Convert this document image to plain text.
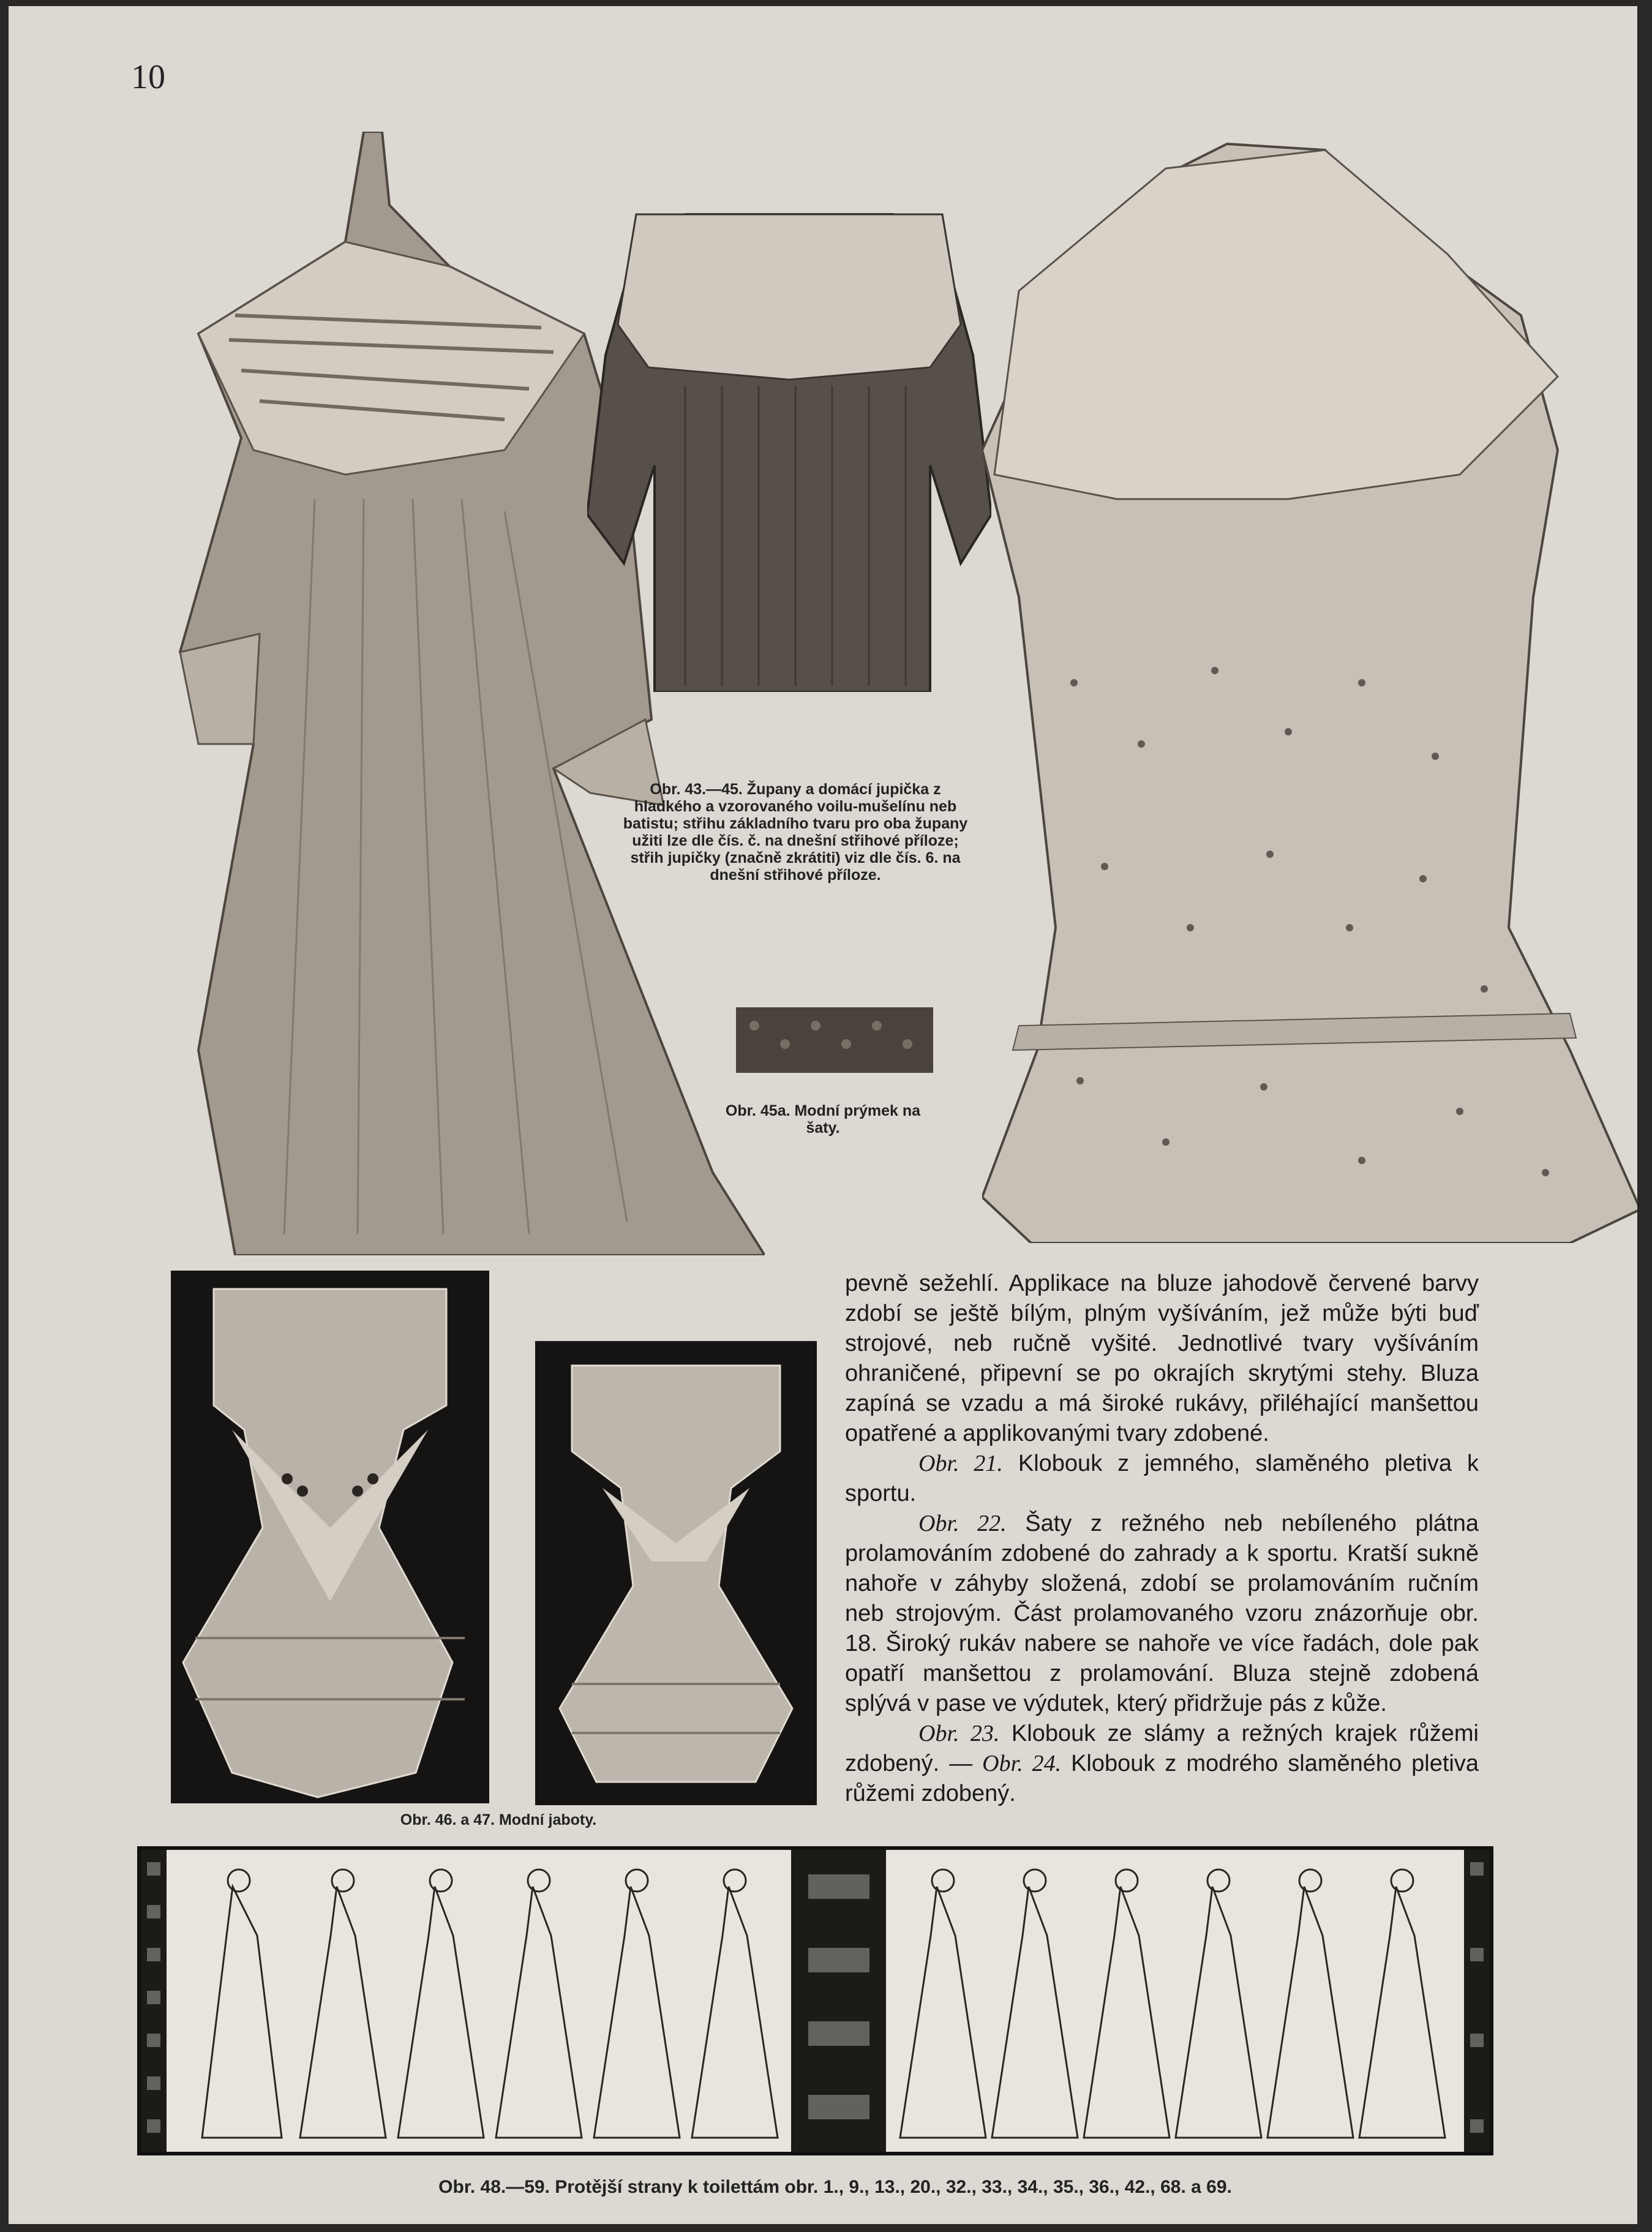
10
Obr. 43.—45. Župany a domácí jupička z hladkého a vzorovaného voilu-mušelínu neb batistu; střihu základního tvaru pro oba župany užiti lze dle čís. č. na dnešní střihové příloze; střih jupičky (značně zkrátiti) viz dle čís. 6. na dnešní střihové příloze.
Obr. 45a. Modní prýmek na šaty.
Obr. 46. a 47. Modní jaboty.

pevně sežehlí. Applikace na bluze jahodově červené barvy zdobí se ještě bílým, plným vyšíváním, jež může býti buď strojové, neb ručně vyšité. Jednotlivé tvary vyšíváním ohraničené, připevní se po okrajích skrytými stehy. Bluza zapíná se vzadu a má široké rukávy, přiléhající manšettou opatřené a applikovanými tvary zdobené.

Obr. 21. Klobouk z jemného, slaměného pletiva k sportu.

Obr. 22. Šaty z režného neb nebíleného plátna prolamováním zdobené do zahrady a k sportu. Kratší sukně nahoře v záhyby složená, zdobí se prolamováním ručním neb strojovým. Část prolamovaného vzoru znázorňuje obr. 18. Široký rukáv nabere se nahoře ve více řadách, dole pak opatří manšettou z prolamování. Bluza stejně zdobená splývá v pase ve výdutek, který přidržuje pás z kůže.

Obr. 23. Klobouk ze slámy a režných krajek růžemi zdobený. — Obr. 24. Klobouk z modrého slaměného pletiva růžemi zdobený.

Obr. 48.—59. Protější strany k toilettám obr. 1., 9., 13., 20., 32., 33., 34., 35., 36., 42., 68. a 69.
